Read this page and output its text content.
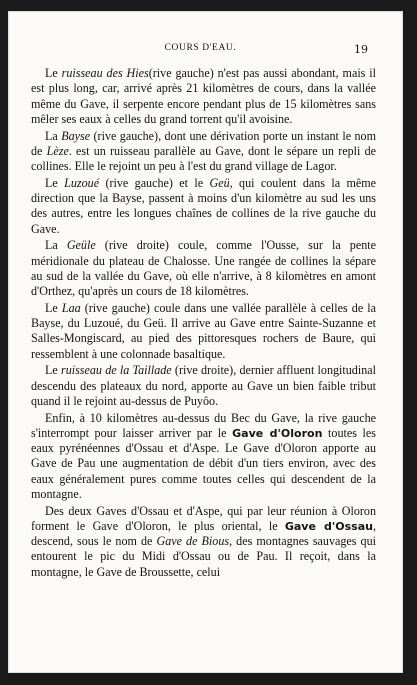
COURS D'EAU.	19

Le ruisseau des Hies(rive gauche) n'est pas aussi abondant, mais il est plus long, car, arrivé après 21 kilomètres de cours, dans la vallée même du Gave, il serpente encore pendant plus de 15 kilomètres sans mêler ses eaux à celles du grand torrent qu'il avoisine.

La Bayse (rive gauche), dont une dérivation porte un instant le nom de Lèze. est un ruisseau parallèle au Gave, dont le sépare un repli de collines. Elle le rejoint un peu à l'est du grand village de Lagor.

Le Luzoué (rive gauche) et le Geü, qui coulent dans la même direction que la Bayse, passent à moins d'un kilomètre au sud les uns des autres, entre les longues chaînes de collines de la rive gauche du Gave.

La Geüle (rive droite) coule, comme l'Ousse, sur la pente méridionale du plateau de Chalosse. Une rangée de collines la sépare au sud de la vallée du Gave, où elle n'arrive, à 8 kilomètres en amont d'Orthez, qu'après un cours de 18 kilomètres.

Le Laa (rive gauche) coule dans une vallée parallèle à celles de la Bayse, du Luzoué, du Geü. Il arrive au Gave entre Sainte-Suzanne et Salles-Mongiscard, au pied des pittoresques rochers de Baure, qui ressemblent à une colonnade basaltique.

Le ruisseau de la Taillade (rive droite), dernier affluent longitudinal descendu des plateaux du nord, apporte au Gave un bien faible tribut quand il le rejoint au-dessus de Puyôo.

Enfin, à 10 kilomètres au-dessus du Bec du Gave, la rive gauche s'interrompt pour laisser arriver par le Gave d'Oloron toutes les eaux pyrénéennes d'Ossau et d'Aspe. Le Gave d'Oloron apporte au Gave de Pau une augmentation de débit d'un tiers environ, avec des eaux généralement pures comme toutes celles qui descendent de la montagne.

Des deux Gaves d'Ossau et d'Aspe, qui par leur réunion à Oloron forment le Gave d'Oloron, le plus oriental, le Gave d'Ossau, descend, sous le nom de Gave de Bious, des montagnes sauvages qui entourent le pic du Midi d'Ossau ou de Pau. Il reçoit, dans la montagne, le Gave de Broussette, celui
